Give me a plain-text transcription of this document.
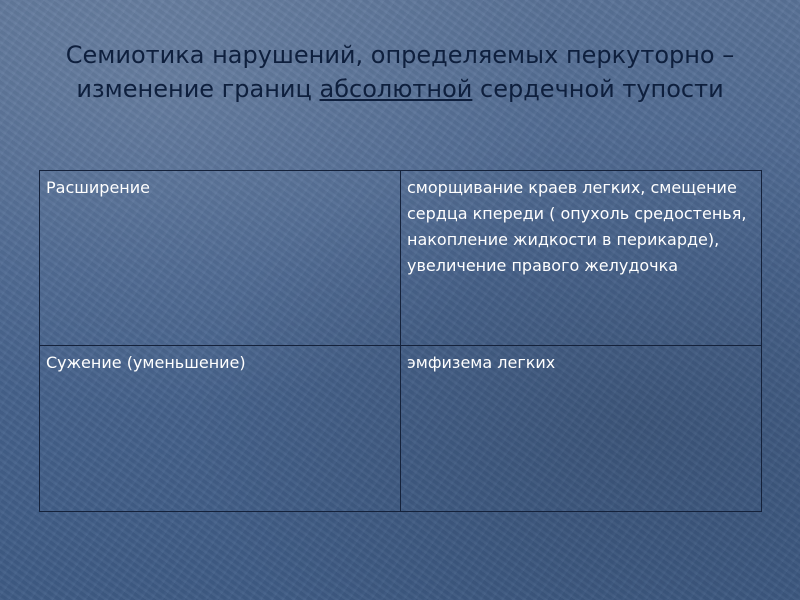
Семиотика нарушений, определяемых перкуторно –изменение границ абсолютной сердечной тупости
Расширение	сморщивание краев легких, смещение сердца кпереди ( опухоль средостенья, накопление жидкости в перикарде), увеличение правого желудочка
Сужение (уменьшение)	эмфизема легких
